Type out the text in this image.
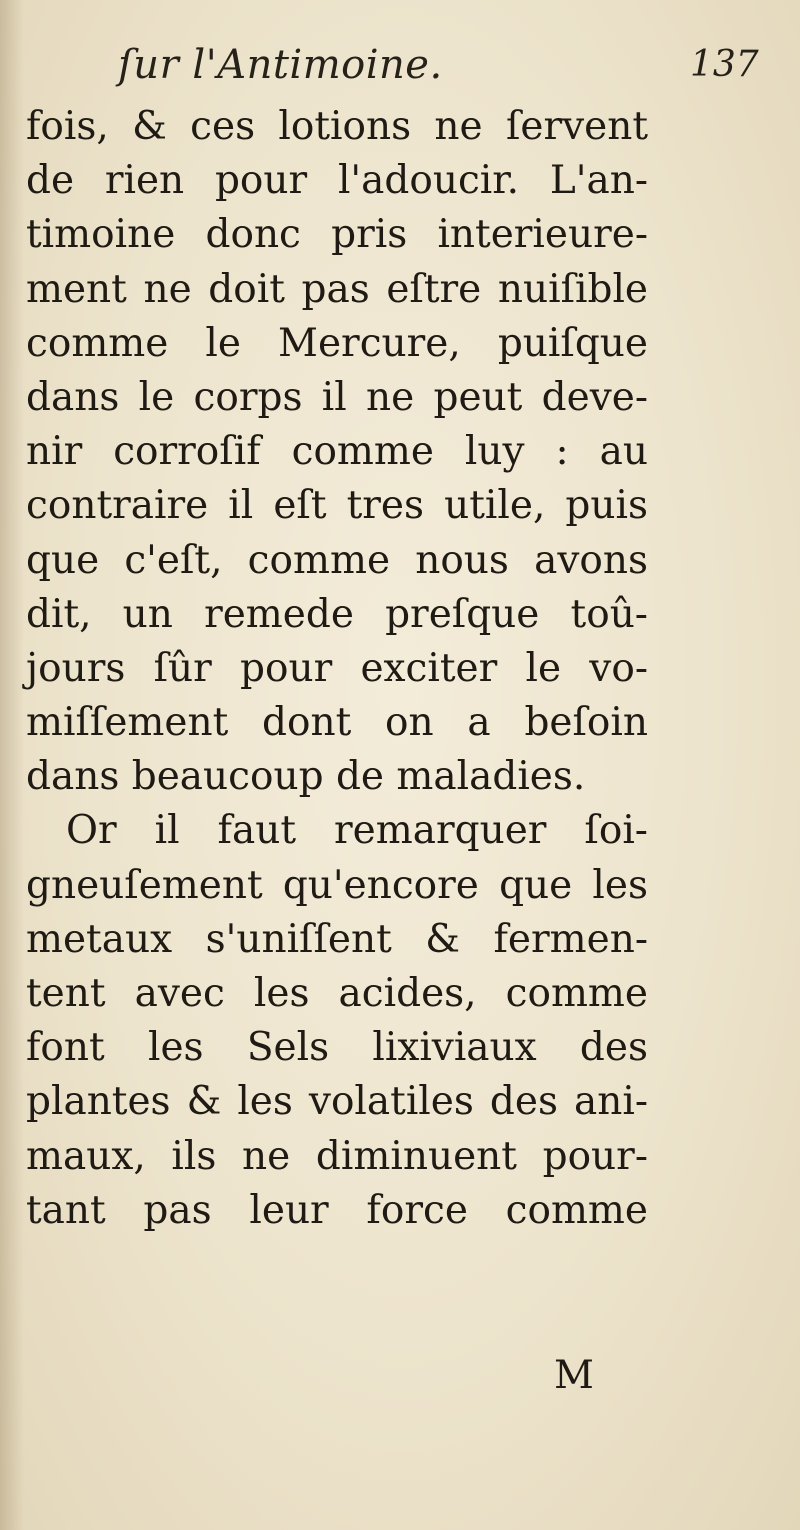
ſur l'Antimoine.	137
fois, & ces lotions ne ſervent
de rien pour l'adoucir. L'an-
timoine donc pris interieure-
ment ne doit pas eſtre nuiſible
comme le Mercure, puiſque
dans le corps il ne peut deve-
nir corroſif comme luy : au
contraire il eſt tres utile, puis
que c'eſt, comme nous avons
dit, un remede preſque toû-
jours ſûr pour exciter le vo-
miſſement dont on a beſoin
dans beaucoup de maladies.
Or il faut remarquer ſoi-
gneuſement qu'encore que les
metaux s'uniſſent & fermen-
tent avec les acides, comme
font les Sels lixiviaux des
plantes & les volatiles des ani-
maux, ils ne diminuent pour-
tant pas leur force comme
M
